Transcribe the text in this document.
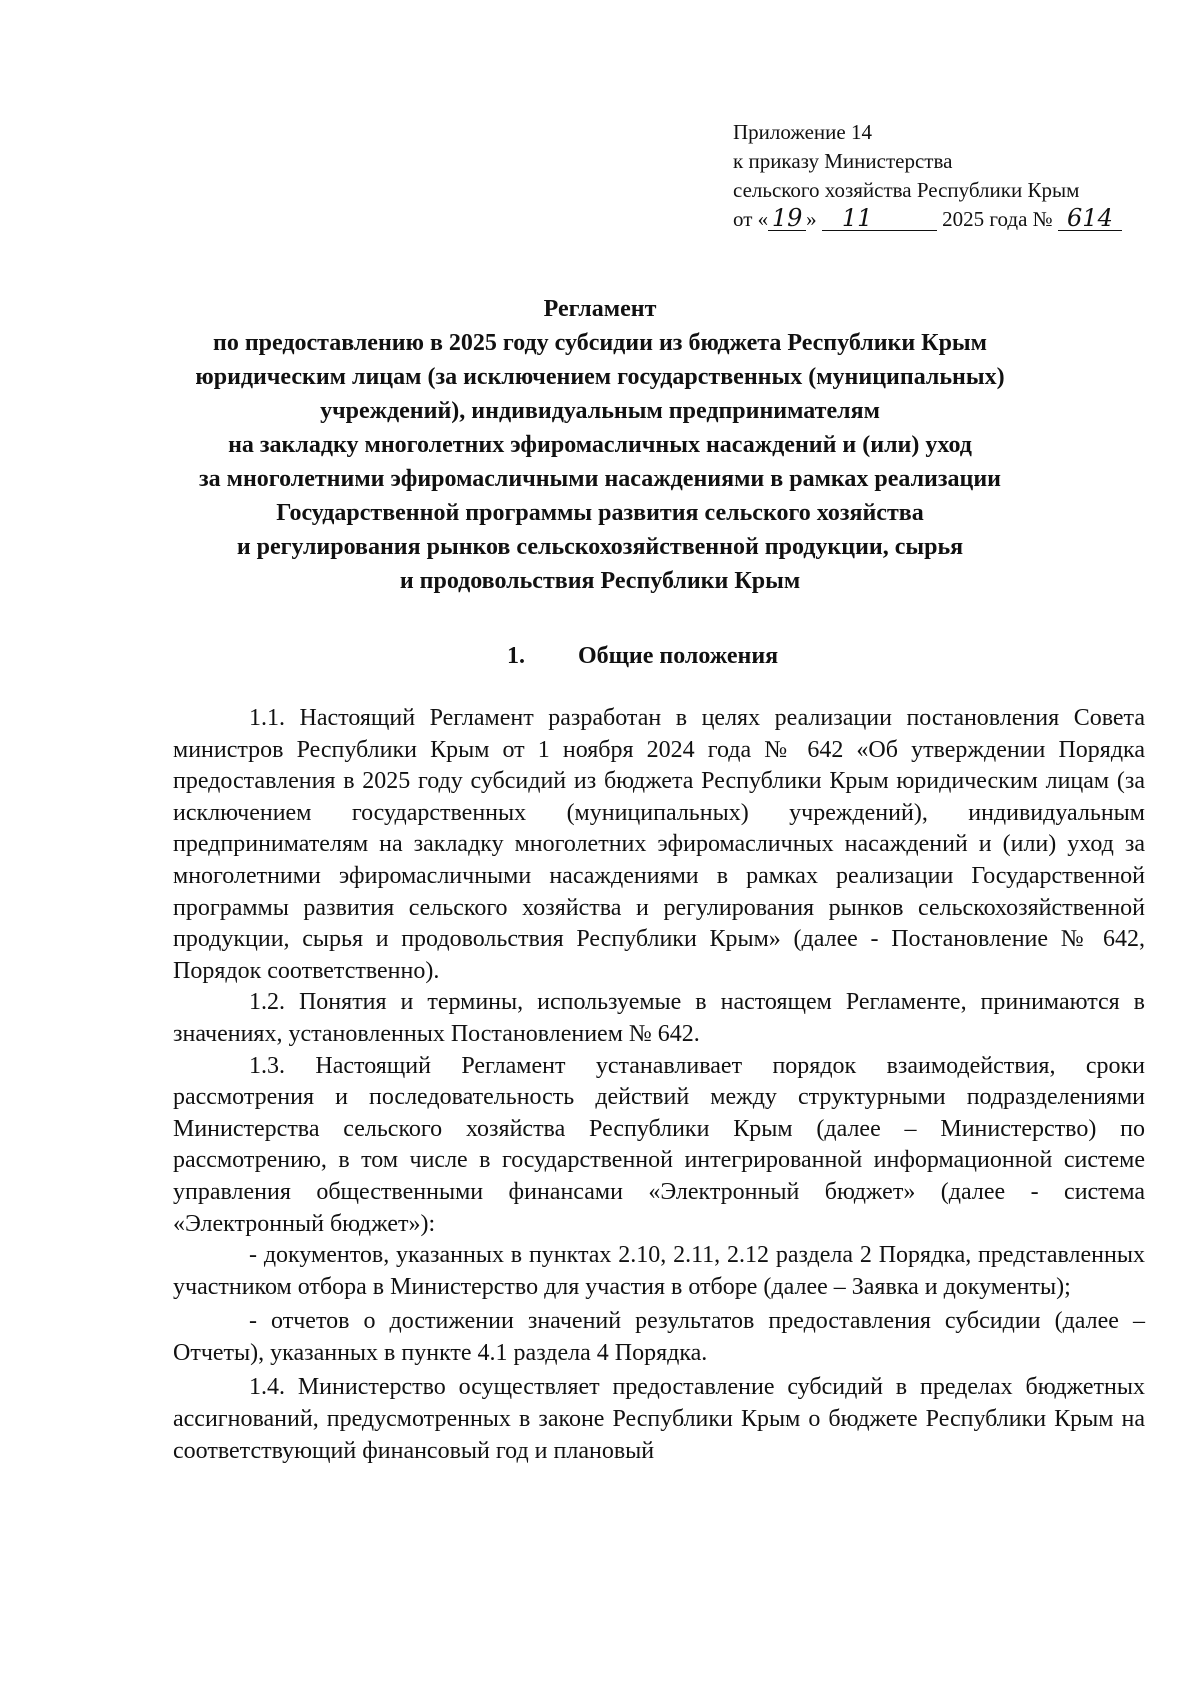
Приложение 14
к приказу Министерства
сельского хозяйства Республики Крым
от « 19 » 11	2025 года № 614
Регламент
по предоставлению в 2025 году субсидии из бюджета Республики Крым
юридическим лицам (за исключением государственных (муниципальных)
учреждений), индивидуальным предпринимателям
на закладку многолетних эфиромасличных насаждений и (или) уход
за многолетними эфиромасличными насаждениями в рамках реализации
Государственной программы развития сельского хозяйства
и регулирования рынков сельскохозяйственной продукции, сырья
и продовольствия Республики Крым
1. Общие положения

1.1. Настоящий Регламент разработан в целях реализации постановления Совета министров Республики Крым от 1 ноября 2024 года № 642 «Об утверждении Порядка предоставления в 2025 году субсидий из бюджета Республики Крым юридическим лицам (за исключением государственных (муниципальных) учреждений), индивидуальным предпринимателям на закладку многолетних эфиромасличных насаждений и (или) уход за многолетними эфиромасличными насаждениями в рамках реализации Государственной программы развития сельского хозяйства и регулирования рынков сельскохозяйственной продукции, сырья и продовольствия Республики Крым» (далее - Постановление № 642, Порядок соответственно).

1.2. Понятия и термины, используемые в настоящем Регламенте, принимаются в значениях, установленных Постановлением № 642.

1.3. Настоящий Регламент устанавливает порядок взаимодействия, сроки рассмотрения и последовательность действий между структурными подразделениями Министерства сельского хозяйства Республики Крым (далее – Министерство) по рассмотрению, в том числе в государственной интегрированной информационной системе управления общественными финансами «Электронный бюджет» (далее - система «Электронный бюджет»):

- документов, указанных в пунктах 2.10, 2.11, 2.12 раздела 2 Порядка, представленных участником отбора в Министерство для участия в отборе (далее – Заявка и документы);

- отчетов о достижении значений результатов предоставления субсидии (далее – Отчеты), указанных в пункте 4.1 раздела 4 Порядка.

1.4. Министерство осуществляет предоставление субсидий в пределах бюджетных ассигнований, предусмотренных в законе Республики Крым о бюджете Республики Крым на соответствующий финансовый год и плановый
